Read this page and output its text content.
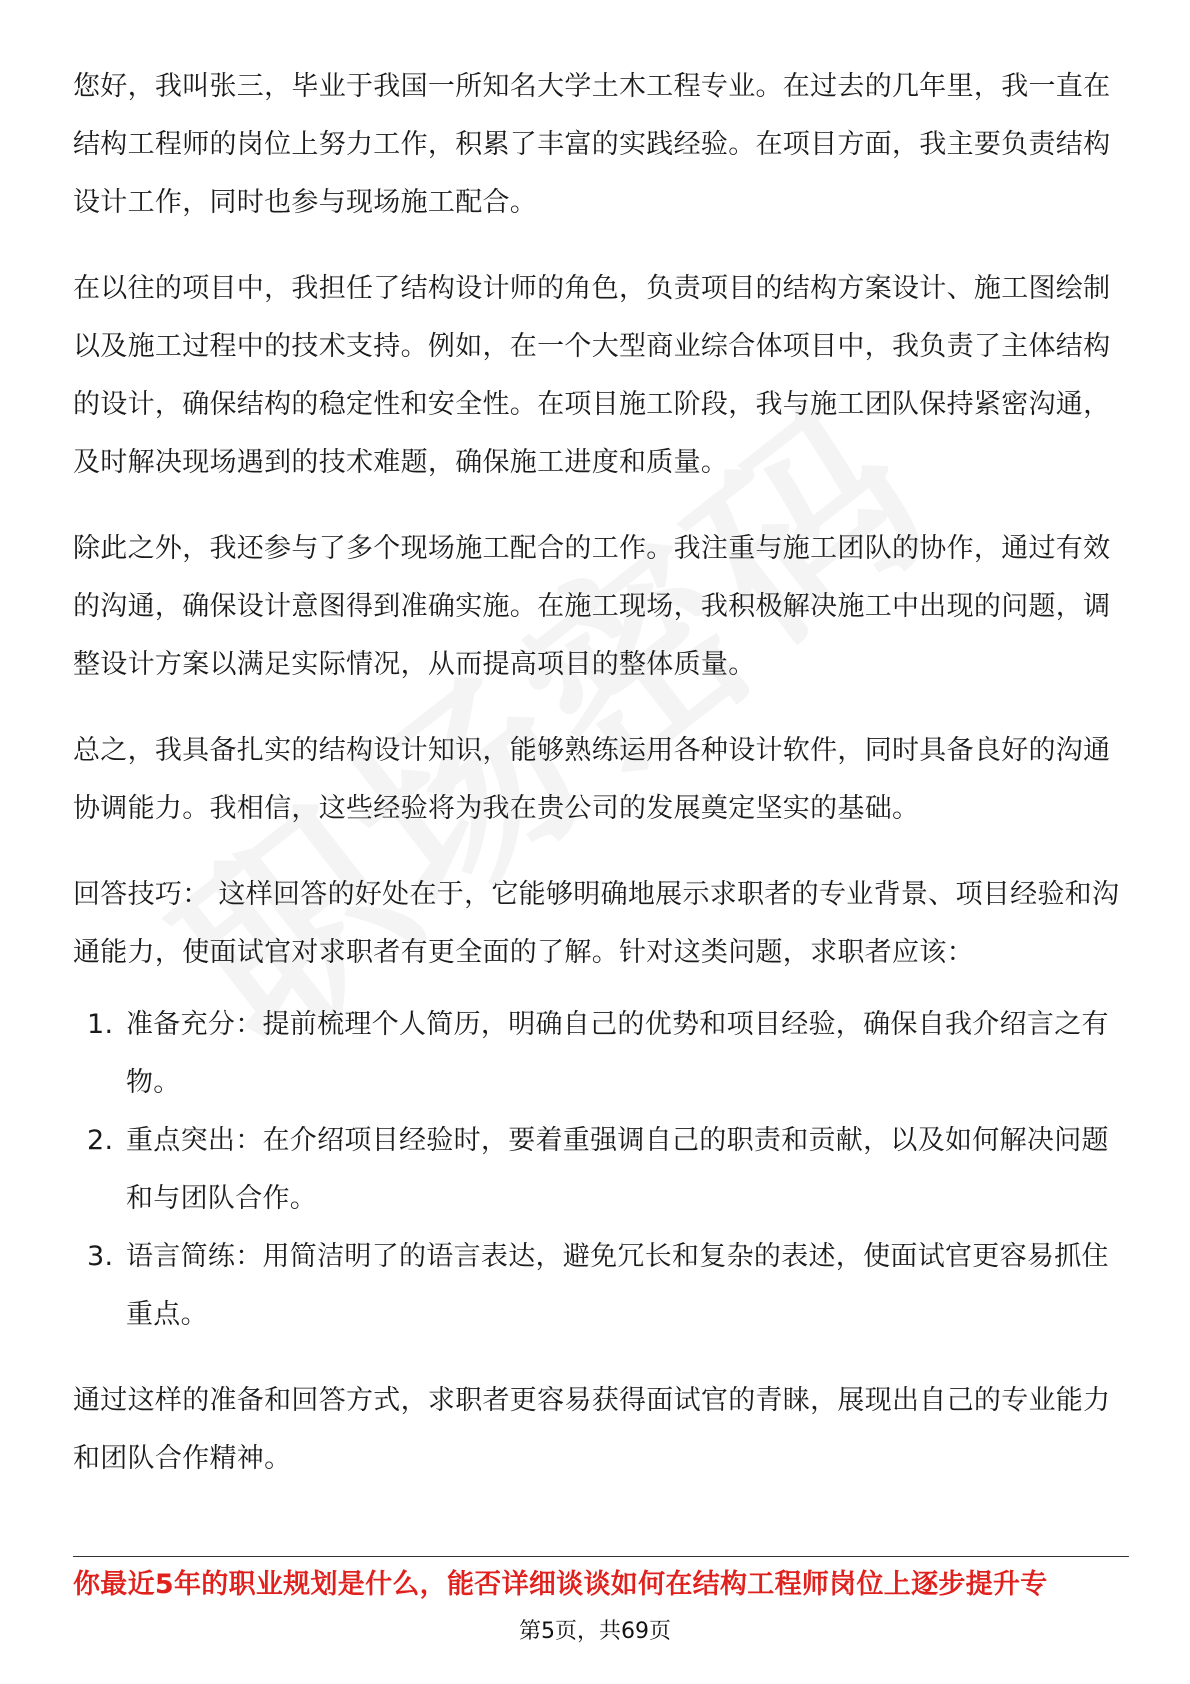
您好，我叫张三，毕业于我国一所知名大学土木工程专业。在过去的几年里，我一直在结构工程师的岗位上努力工作，积累了丰富的实践经验。在项目方面，我主要负责结构设计工作，同时也参与现场施工配合。

在以往的项目中，我担任了结构设计师的角色，负责项目的结构方案设计、施工图绘制以及施工过程中的技术支持。例如，在一个大型商业综合体项目中，我负责了主体结构的设计，确保结构的稳定性和安全性。在项目施工阶段，我与施工团队保持紧密沟通，及时解决现场遇到的技术难题，确保施工进度和质量。

除此之外，我还参与了多个现场施工配合的工作。我注重与施工团队的协作，通过有效的沟通，确保设计意图得到准确实施。在施工现场，我积极解决施工中出现的问题，调整设计方案以满足实际情况，从而提高项目的整体质量。

总之，我具备扎实的结构设计知识，能够熟练运用各种设计软件，同时具备良好的沟通协调能力。我相信，这些经验将为我在贵公司的发展奠定坚实的基础。

回答技巧： 这样回答的好处在于，它能够明确地展示求职者的专业背景、项目经验和沟通能力，使面试官对求职者有更全面的了解。针对这类问题，求职者应该：

1. 准备充分：提前梳理个人简历，明确自己的优势和项目经验，确保自我介绍言之有物。
2. 重点突出：在介绍项目经验时，要着重强调自己的职责和贡献，以及如何解决问题和与团队合作。
3. 语言简练：用简洁明了的语言表达，避免冗长和复杂的表述，使面试官更容易抓住重点。

通过这样的准备和回答方式，求职者更容易获得面试官的青睐，展现出自己的专业能力和团队合作精神。

你最近5年的职业规划是什么，能否详细谈谈如何在结构工程师岗位上逐步提升专
第5页，共69页
